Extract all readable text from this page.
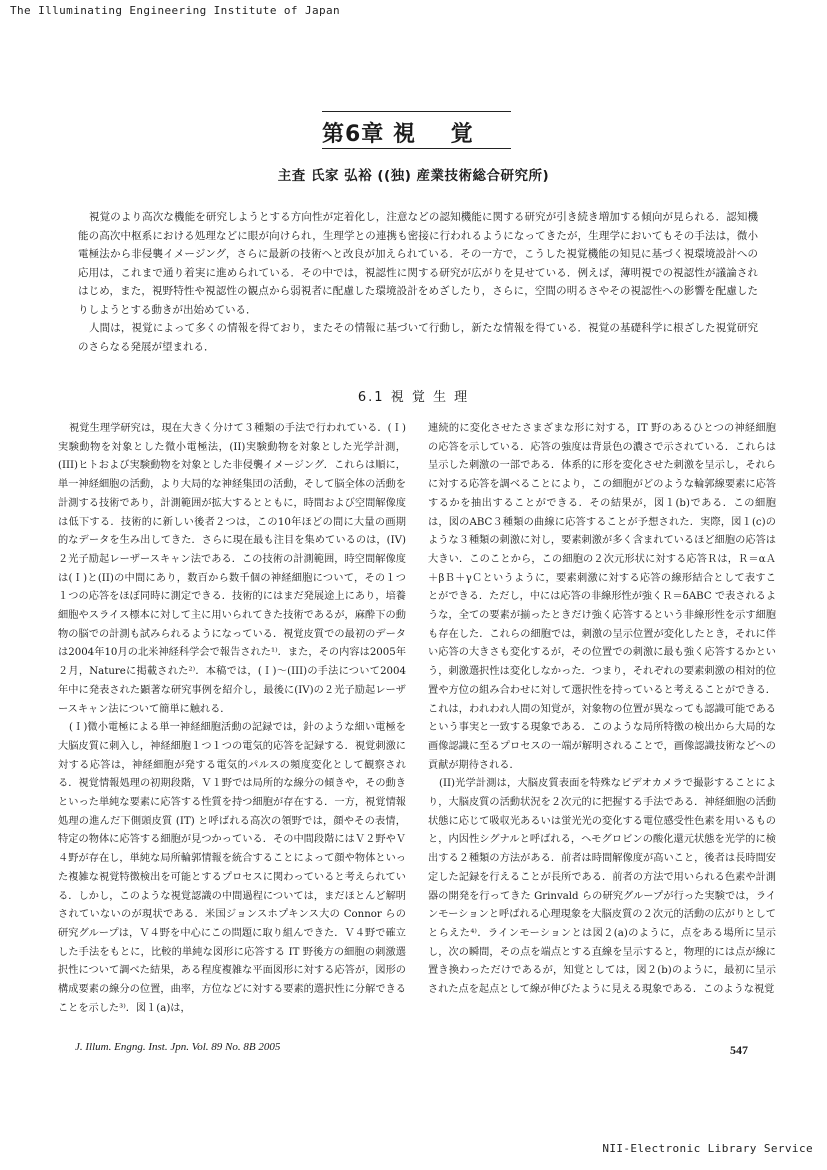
The Illuminating Engineering Institute of Japan
第6章 視    覚
主査 氏家 弘裕 ((独) 産業技術総合研究所)

視覚のより高次な機能を研究しようとする方向性が定着化し，注意などの認知機能に関する研究が引き続き増加する傾向が見られる．認知機能の高次中枢系における処理などに眼が向けられ，生理学との連携も密接に行われるようになってきたが，生理学においてもその手法は，微小電極法から非侵襲イメージング，さらに最新の技術へと改良が加えられている．その一方で，こうした視覚機能の知見に基づく視環境設計への応用は，これまで通り着実に進められている．その中では，視認性に関する研究が広がりを見せている．例えば，薄明視での視認性が議論されはじめ，また，視野特性や視認性の観点から弱視者に配慮した環境設計をめざしたり，さらに，空間の明るさやその視認性への影響を配慮したりしようとする動きが出始めている．

人間は，視覚によって多くの情報を得ており，またその情報に基づいて行動し，新たな情報を得ている．視覚の基礎科学に根ざした視覚研究のさらなる発展が望まれる．

6.1 視 覚 生 理

視覚生理学研究は，現在大きく分けて３種類の手法で行われている．(Ｉ)実験動物を対象とした微小電極法，(II)実験動物を対象とした光学計測，(III)ヒトおよび実験動物を対象とした非侵襲イメージング．これらは順に，単一神経細胞の活動，より大局的な神経集団の活動，そして脳全体の活動を計測する技術であり，計測範囲が拡大するとともに，時間および空間解像度は低下する．技術的に新しい後者２つは，この10年ほどの間に大量の画期的なデータを生み出してきた．さらに現在最も注目を集めているのは，(IV) ２光子励起レーザースキャン法である．この技術の計測範囲，時空間解像度は(Ｉ)と(II)の中間にあり，数百から数千個の神経細胞について，その１つ１つの応答をほぼ同時に測定できる．技術的にはまだ発展途上にあり，培養細胞やスライス標本に対して主に用いられてきた技術であるが，麻酔下の動物の脳での計測も試みられるようになっている．視覚皮質での最初のデータは2004年10月の北米神経科学会で報告された¹⁾．また，その内容は2005年２月，Natureに掲載された²⁾．本稿では，(Ｉ)～(III)の手法について2004年中に発表された顕著な研究事例を紹介し，最後に(IV)の２光子励起レーザースキャン法について簡単に触れる．

(Ｉ)微小電極による単一神経細胞活動の記録では，針のような細い電極を大脳皮質に刺入し，神経細胞１つ１つの電気的応答を記録する．視覚刺激に対する応答は，神経細胞が発する電気的パルスの頻度変化として観察される．視覚情報処理の初期段階，Ｖ１野では局所的な線分の傾きや，その動きといった単純な要素に応答する性質を持つ細胞が存在する．一方，視覚情報処理の進んだ下側頭皮質 (IT) と呼ばれる高次の領野では，顔やその表情，特定の物体に応答する細胞が見つかっている．その中間段階にはＶ２野やＶ４野が存在し，単純な局所輪郭情報を統合することによって顔や物体といった複雑な視覚特徴検出を可能とするプロセスに関わっていると考えられている．しかし，このような視覚認識の中間過程については，まだほとんど解明されていないのが現状である．米国ジョンスホプキンス大の Connor らの研究グループは，Ｖ４野を中心にこの問題に取り組んできた．Ｖ４野で確立した手法をもとに，比較的単純な図形に応答する IT 野後方の細胞の刺激選択性について調べた結果，ある程度複雑な平面図形に対する応答が，図形の構成要素の線分の位置，曲率，方位などに対する要素的選択性に分解できることを示した³⁾．図１(a)は，

連続的に変化させたさまざまな形に対する，IT 野のあるひとつの神経細胞の応答を示している．応答の強度は背景色の濃さで示されている．これらは呈示した刺激の一部である．体系的に形を変化させた刺激を呈示し，それらに対する応答を調べることにより，この細胞がどのような輪郭線要素に応答するかを抽出することができる．その結果が，図１(b)である．この細胞は，図のABC３種類の曲線に応答することが予想された．実際，図１(c)のような３種類の刺激に対し，要素刺激が多く含まれているほど細胞の応答は大きい．このことから，この細胞の２次元形状に対する応答Ｒは，Ｒ＝αＡ＋βＢ＋γＣというように，要素刺激に対する応答の線形結合として表すことができる．ただし，中には応答の非線形性が強くＲ＝δABC で表されるような，全ての要素が揃ったときだけ強く応答するという非線形性を示す細胞も存在した．これらの細胞では，刺激の呈示位置が変化したとき，それに伴い応答の大きさも変化するが，その位置での刺激に最も強く応答するかという，刺激選択性は変化しなかった．つまり，それぞれの要素刺激の相対的位置や方位の組み合わせに対して選択性を持っていると考えることができる．これは，われわれ人間の知覚が，対象物の位置が異なっても認識可能であるという事実と一致する現象である．このような局所特徴の検出から大局的な画像認識に至るプロセスの一端が解明されることで，画像認識技術などへの貢献が期待される．

(II)光学計測は，大脳皮質表面を特殊なビデオカメラで撮影することにより，大脳皮質の活動状況を２次元的に把握する手法である．神経細胞の活動状態に応じて吸収光あるいは蛍光光の変化する電位感受性色素を用いるものと，内因性シグナルと呼ばれる，ヘモグロビンの酸化還元状態を光学的に検出する２種類の方法がある．前者は時間解像度が高いこと，後者は長時間安定した記録を行えることが長所である．前者の方法で用いられる色素や計測器の開発を行ってきた Grinvald らの研究グループが行った実験では，ラインモーションと呼ばれる心理現象を大脳皮質の２次元的活動の広がりとしてとらえた⁴⁾．ラインモーションとは図２(a)のように，点をある場所に呈示し，次の瞬間，その点を端点とする直線を呈示すると，物理的には点が線に置き換わっただけであるが，知覚としては，図２(b)のように，最初に呈示された点を起点として線が伸びたように見える現象である．このような視覚

J. Illum. Engng. Inst. Jpn. Vol. 89 No. 8B 2005	547
NII-Electronic Library Service
